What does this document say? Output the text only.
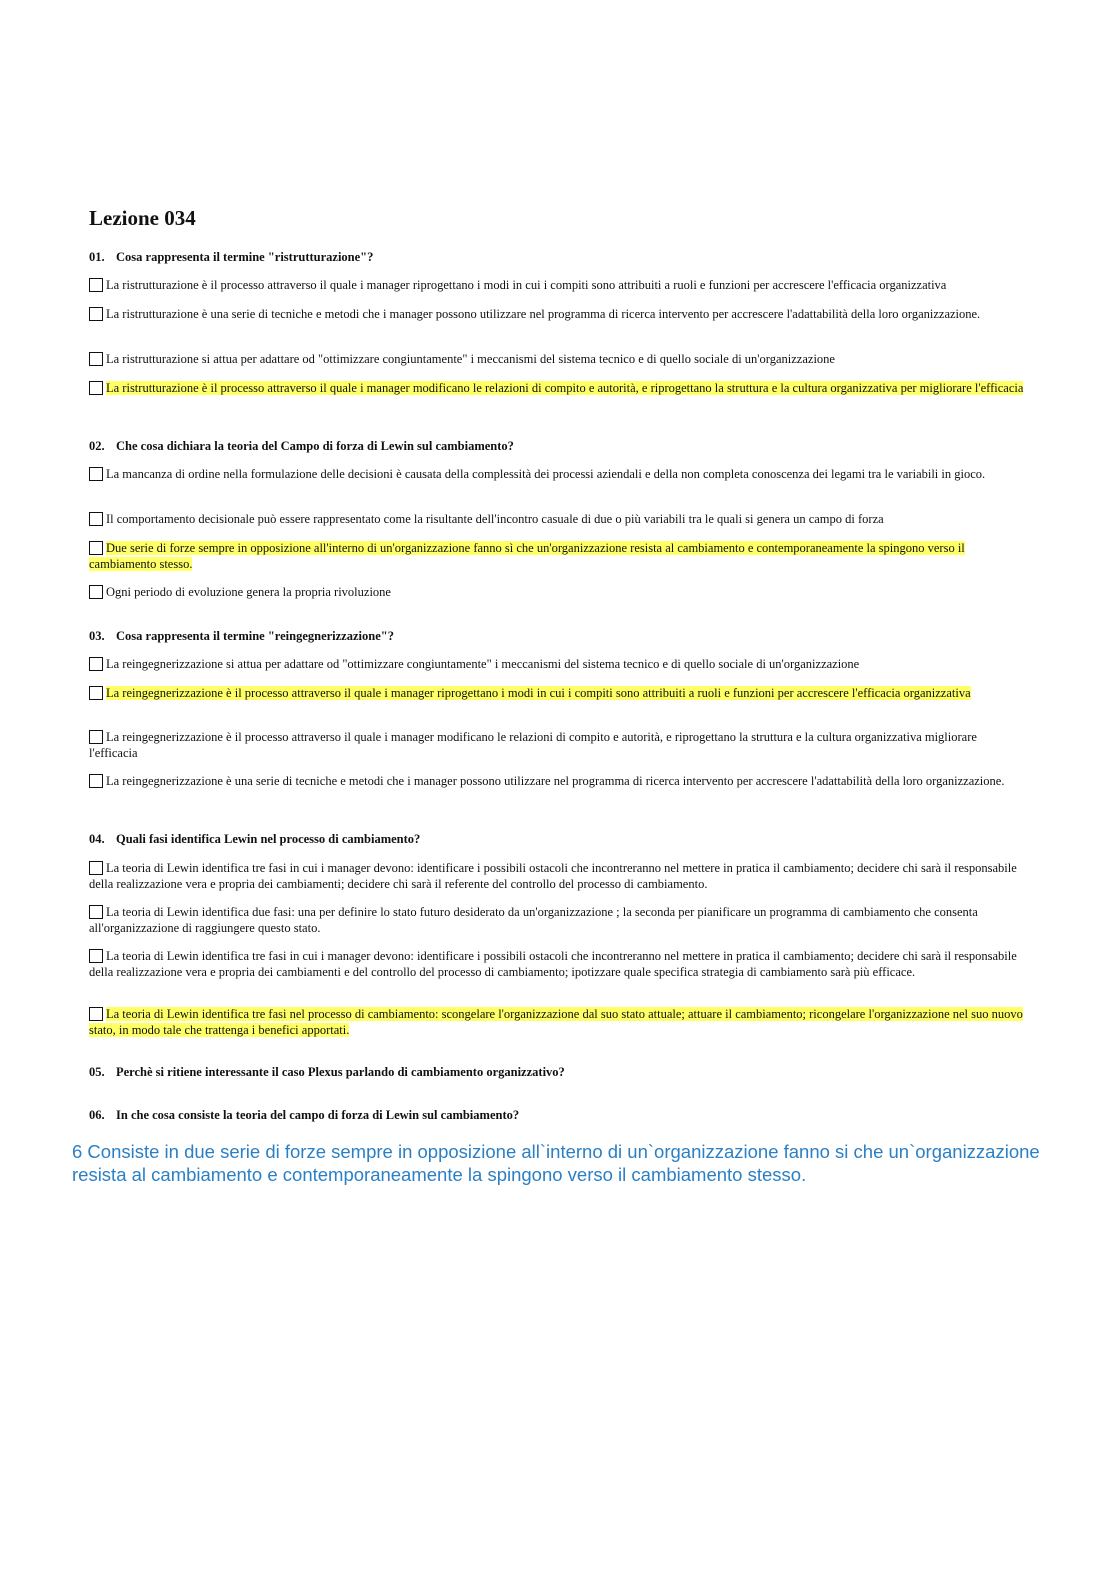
Lezione 034

01. Cosa rappresenta il termine "ristrutturazione"?

La ristrutturazione è il processo attraverso il quale i manager riprogettano i modi in cui i compiti sono attribuiti a ruoli e funzioni per accrescere l'efficacia organizzativa

La ristrutturazione è una serie di tecniche e metodi che i manager possono utilizzare nel programma di ricerca intervento per accrescere l'adattabilità della loro organizzazione.

La ristrutturazione si attua per adattare od "ottimizzare congiuntamente" i meccanismi del sistema tecnico e di quello sociale di un'organizzazione

La ristrutturazione è il processo attraverso il quale i manager modificano le relazioni di compito e autorità, e riprogettano la struttura e la cultura organizzativa per migliorare l'efficacia

02. Che cosa dichiara la teoria del Campo di forza di Lewin sul cambiamento?

La mancanza di ordine nella formulazione delle decisioni è causata della complessità dei processi aziendali e della non completa conoscenza dei legami tra le variabili in gioco.

Il comportamento decisionale può essere rappresentato come la risultante dell'incontro casuale di due o più variabili tra le quali si genera un campo di forza

Due serie di forze sempre in opposizione all'interno di un'organizzazione fanno sì che un'organizzazione resista al cambiamento e contemporaneamente la spingono verso il cambiamento stesso.

Ogni periodo di evoluzione genera la propria rivoluzione

03. Cosa rappresenta il termine "reingegnerizzazione"?

La reingegnerizzazione si attua per adattare od "ottimizzare congiuntamente" i meccanismi del sistema tecnico e di quello sociale di un'organizzazione

La reingegnerizzazione è il processo attraverso il quale i manager riprogettano i modi in cui i compiti sono attribuiti a ruoli e funzioni per accrescere l'efficacia organizzativa

La reingegnerizzazione è il processo attraverso il quale i manager modificano le relazioni di compito e autorità, e riprogettano la struttura e la cultura organizzativa migliorare l'efficacia

La reingegnerizzazione è una serie di tecniche e metodi che i manager possono utilizzare nel programma di ricerca intervento per accrescere l'adattabilità della loro organizzazione.

04. Quali fasi identifica Lewin nel processo di cambiamento?

La teoria di Lewin identifica tre fasi in cui i manager devono: identificare i possibili ostacoli che incontreranno nel mettere in pratica il cambiamento; decidere chi sarà il responsabile della realizzazione vera e propria dei cambiamenti; decidere chi sarà il referente del controllo del processo di cambiamento.

La teoria di Lewin identifica due fasi: una per definire lo stato futuro desiderato da un'organizzazione ; la seconda per pianificare un programma di cambiamento che consenta all'organizzazione di raggiungere questo stato.

La teoria di Lewin identifica tre fasi in cui i manager devono: identificare i possibili ostacoli che incontreranno nel mettere in pratica il cambiamento; decidere chi sarà il responsabile della realizzazione vera e propria dei cambiamenti e del controllo del processo di cambiamento; ipotizzare quale specifica strategia di cambiamento sarà più efficace.

La teoria di Lewin identifica tre fasi nel processo di cambiamento: scongelare l'organizzazione dal suo stato attuale; attuare il cambiamento; ricongelare l'organizzazione nel suo nuovo stato, in modo tale che trattenga i benefici apportati.

05. Perchè si ritiene interessante il caso Plexus parlando di cambiamento organizzativo?

06. In che cosa consiste la teoria del campo di forza di Lewin sul cambiamento?

6 Consiste in due serie di forze sempre in opposizione all`interno di un`organizzazione fanno si che un`organizzazione resista al cambiamento e contemporaneamente la spingono verso il cambiamento stesso.
